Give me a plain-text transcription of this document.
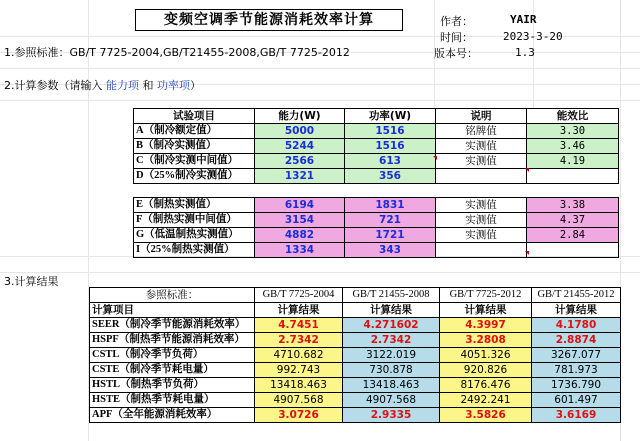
变频空调季节能源消耗效率计算	作者：	YAIR
时间：	2023-3-20
版本号：	1.3
1.参照标准：GB/T 7725-2004,GB/T21455-2008,GB/T 7725-2012
2.计算参数（请输入 能力项 和 功率项）
试验项目	能力(W)	功率(W)	说明	能效比
A（制冷额定值）	5000	1516	铭牌值	3.30
B（制冷实测值）	5244	1516	实测值	3.46
C（制冷实测中间值）	2566	613	实测值	4.19
D（25%制冷实测值）	1321	356		

E（制热实测值）	6194	1831	实测值	3.38
F（制热实测中间值）	3154	721	实测值	4.37
G（低温制热实测值）	4882	1721	实测值	2.84
I（25%制热实测值）	1334	343		
3.计算结果
参照标准：	GB/T 7725-2004	GB/T 21455-2008	GB/T 7725-2012	GB/T 21455-2012
计算项目	计算结果	计算结果	计算结果	计算结果
SEER（制冷季节能源消耗效率）	4.7451	4.271602	4.3997	4.1780
HSPF（制热季节能源消耗效率）	2.7342	2.7342	3.2808	2.8874
CSTL（制冷季节负荷）	4710.682	3122.019	4051.326	3267.077
CSTE（制冷季节耗电量）	992.743	730.878	920.826	781.973
HSTL（制热季节负荷）	13418.463	13418.463	8176.476	1736.790
HSTE（制热季节耗电量）	4907.568	4907.568	2492.241	601.497
APF（全年能源消耗效率）	3.0726	2.9335	3.5826	3.6169
